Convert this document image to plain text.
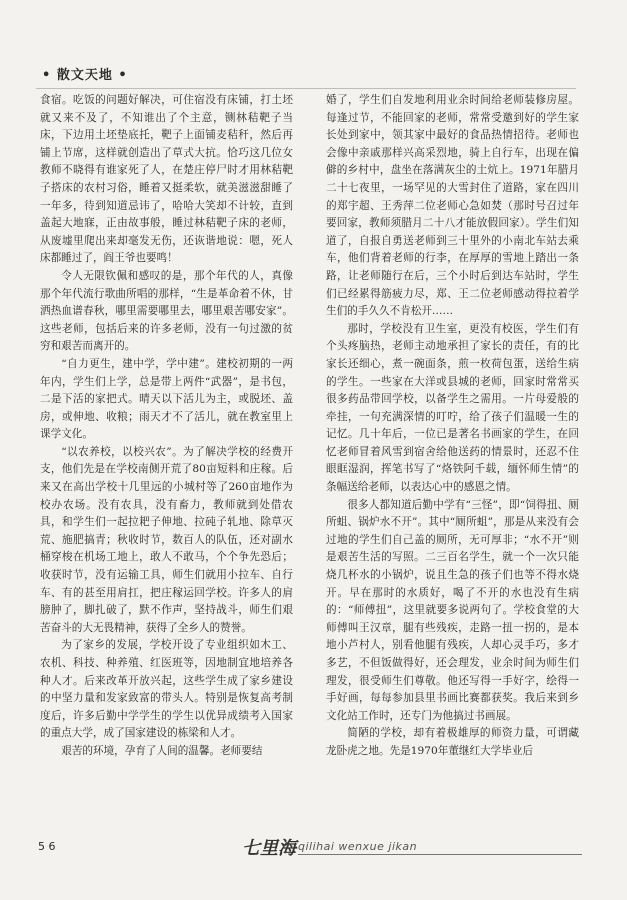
• 散文天地 •

食宿。吃饭的问题好解决，可住宿没有床铺，打土坯就又来不及了，不知谁出了个主意，铡林秸靶子当床，下边用土坯垫底托，靶子上面铺麦秸秆，然后再铺上节席，这样就创造出了草式大抗。恰巧这几位女教师不晓得有谁家死了人，在楚庄停尸时才用林秸靶子搭床的农村习俗，睡着又挺柔软，就美滋滋甜睡了一年多，待到知道忌讳了，哈哈大笑却不计较，直到盖起大地寐，正由故事般，睡过林秸靶子床的老师，从废墟里爬出来却毫发无伤，还诙谐地说：嗯，死人床都睡过了，阎王爷也要鸣！

令人无限钦佩和感叹的是，那个年代的人，真像那个年代流行歌曲所唱的那样，“生是革命着不休，甘洒热血谱春秋，哪里需要哪里去，哪里艰苦哪安家”。这些老师，包括后来的许多老师，没有一句过激的贫穷和艰苦而离开的。

“自力更生，建中学，学中建”。建校初期的一两年内，学生们上学，总是带上两件“武器”，是书包，二是下活的家把式。晴天以下活儿为主，或脱坯、盖房，或伸地、收粮；雨天才不了活儿，就在教室里上课学文化。

“以农养校，以校兴农”。为了解决学校的经费开支，他们先是在学校南侧开荒了80亩短料和庄稼。后来又在高出学校十几里远的小城村等了260亩地作为校办农场。没有农具，没有畜力，教师就到处借农具，和学生们一起拉耙子伸地、拉砘子轧地、除草灭荒、施肥搞青；秋收时节，数百人的队伍，还对副水桶穿梭在机场工地上，敢人不敢马，个个争先恐后；收获时节，没有运输工具，师生们就用小拉车、自行车、有的甚至用肩扛，把庄稼运回学校。许多人的肩膀肿了，脚扎破了，默不作声，坚持战斗，师生们艰苦奋斗的大无畏精神，获得了全乡人的赞誉。

为了家乡的发展，学校开设了专业组织如木工、农机、科技、种养殖、红医班等，因地制宜地培养各种人才。后来改革开放兴起，这些学生成了家乡建设的中坚力量和发家致富的带头人。特别是恢复高考制度后，许多后勤中学学生的学生以优异成绩考入国家的重点大学，成了国家建设的栋梁和人才。

艰苦的环境，孕育了人间的温馨。老师要结

婚了，学生们自发地利用业余时间给老师装修房屋。每逢过节，不能回家的老师，常常受邀到好的学生家长处到家中，领其家中最好的食品热情招待。老师也会像中亲戚那样兴高采烈地，骑上自行车，出现在偏僻的乡村中，盘坐在落满灰尘的土炕上。1971年腊月二十七夜里，一场罕见的大雪封住了道路，家在四川的郑宇超、王秀萍二位老师心急如焚（那时号召过年要回家，教师须腊月二十八才能放假回家）。学生们知道了，自报自勇送老师到三十里外的小南北车站去乘车，他们背着老师的行李，在厚厚的雪地上踏出一条路，让老师随行在后，三个小时后到达车站时，学生们已经累得筋疲力尽，郑、王二位老师感动得拉着学生们的手久久不肯松开……

那时，学校没有卫生室，更没有校医，学生们有个头疼脑热，老师主动地承担了家长的责任，有的比家长还细心，煮一碗面条，煎一枚荷包蛋，送给生病的学生。一些家在大洋或县城的老师，回家时常常买很多药品带回学校，以备学生之需用。一片母爱般的牵挂，一句充满深情的叮咛，给了孩子们温暖一生的记忆。几十年后，一位已是著名书画家的学生，在回忆老师冒着风雪到宿舍给他送药的情景时，还忍不住眼眶湿润，挥笔书写了“烙铁阿千载，缅怀师生情”的条幅送给老师，以表达心中的感恩之情。

很多人都知道后勤中学有“三怪”，即“饲得扭、厕所蛆、锅炉水不开”。其中“厕所蛆”，那是从来没有会过地的学生们自己盖的厕所，无可厚非；“水不开”则是艰苦生活的写照。二三百名学生，就一个一次只能烧几杯水的小锅炉，说且生急的孩子们也等不得水烧开。早在那时的水质好，喝了不开的水也没有生病的：“师傅扭”，这里就要多说两句了。学校食堂的大师傅叫王汉章，腿有些残疾，走路一扭一拐的，是本地小芦村人，别看他腿有残疾，人却心灵手巧，多才多艺，不但饭做得好，还会理发，业余时间为师生们理发，很受师生们尊敬。他还写得一手好字，绘得一手好画，每每参加县里书画比赛都获奖。我后来到乡文化站工作时，还专门为他搞过书画展。

简陋的学校，却有着极雄厚的师资力量，可谓藏龙卧虎之地。先是1970年董继红大学毕业后

5 6	七里海 qilihai wenxue jikan
